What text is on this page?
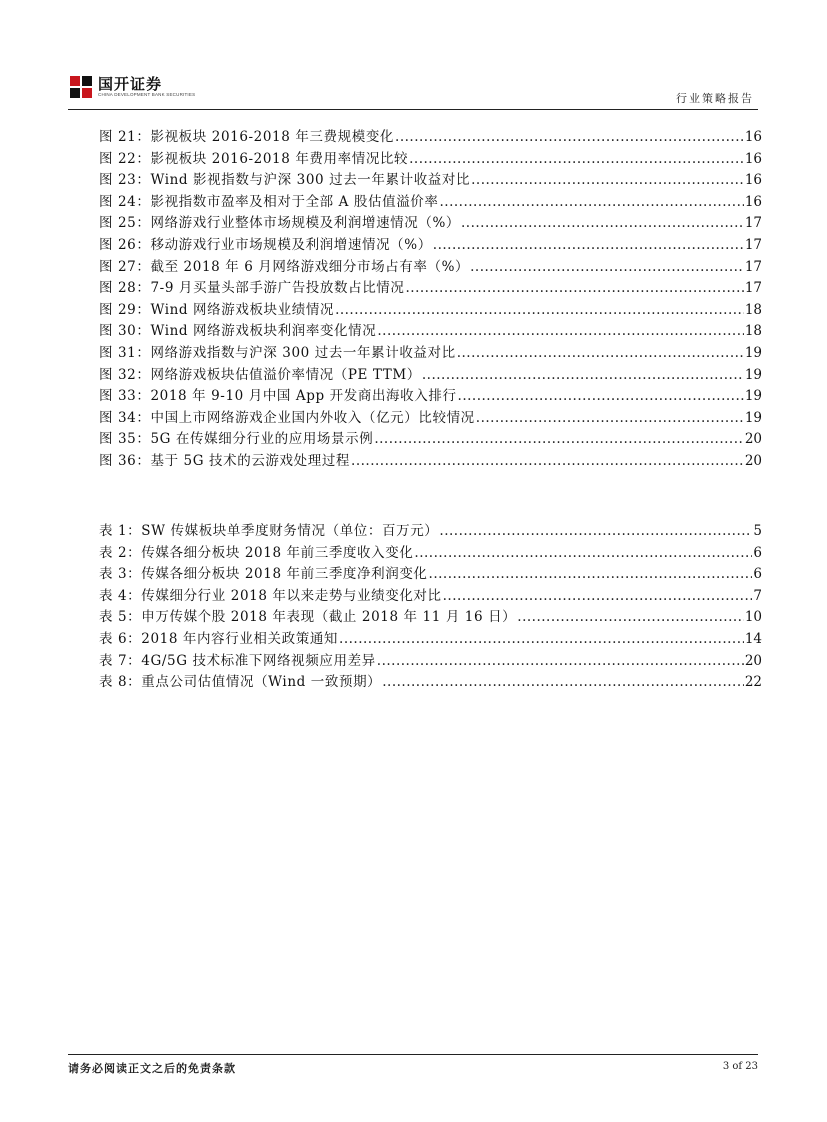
国开证券
CHINA DEVELOPMENT BANK SECURITIES	行业策略报告
图 21：影视板块 2016-2018 年三费规模变化 .....	16
图 22：影视板块 2016-2018 年费用率情况比较 .....	16
图 23：Wind 影视指数与沪深 300 过去一年累计收益对比 .....	16
图 24：影视指数市盈率及相对于全部 A 股估值溢价率 .....	16
图 25：网络游戏行业整体市场规模及利润增速情况（%） .....	17
图 26：移动游戏行业市场规模及利润增速情况（%） .....	17
图 27：截至 2018 年 6 月网络游戏细分市场占有率（%） .....	17
图 28：7-9 月买量头部手游广告投放数占比情况 .....	17
图 29：Wind 网络游戏板块业绩情况 .....	18
图 30：Wind 网络游戏板块利润率变化情况 .....	18
图 31：网络游戏指数与沪深 300 过去一年累计收益对比 .....	19
图 32：网络游戏板块估值溢价率情况（PE TTM） .....	19
图 33：2018 年 9-10 月中国 App 开发商出海收入排行 .....	19
图 34：中国上市网络游戏企业国内外收入（亿元）比较情况 .....	19
图 35：5G 在传媒细分行业的应用场景示例 .....	20
图 36：基于 5G 技术的云游戏处理过程 .....	20
表 1：SW 传媒板块单季度财务情况（单位：百万元） .....	5
表 2：传媒各细分板块 2018 年前三季度收入变化 .....	6
表 3：传媒各细分板块 2018 年前三季度净利润变化 .....	6
表 4：传媒细分行业 2018 年以来走势与业绩变化对比 .....	7
表 5：申万传媒个股 2018 年表现（截止 2018 年 11 月 16 日） .....	10
表 6：2018 年内容行业相关政策通知 .....	14
表 7：4G/5G 技术标准下网络视频应用差异 .....	20
表 8：重点公司估值情况（Wind 一致预期） .....	22
请务必阅读正文之后的免责条款	3 of 23
